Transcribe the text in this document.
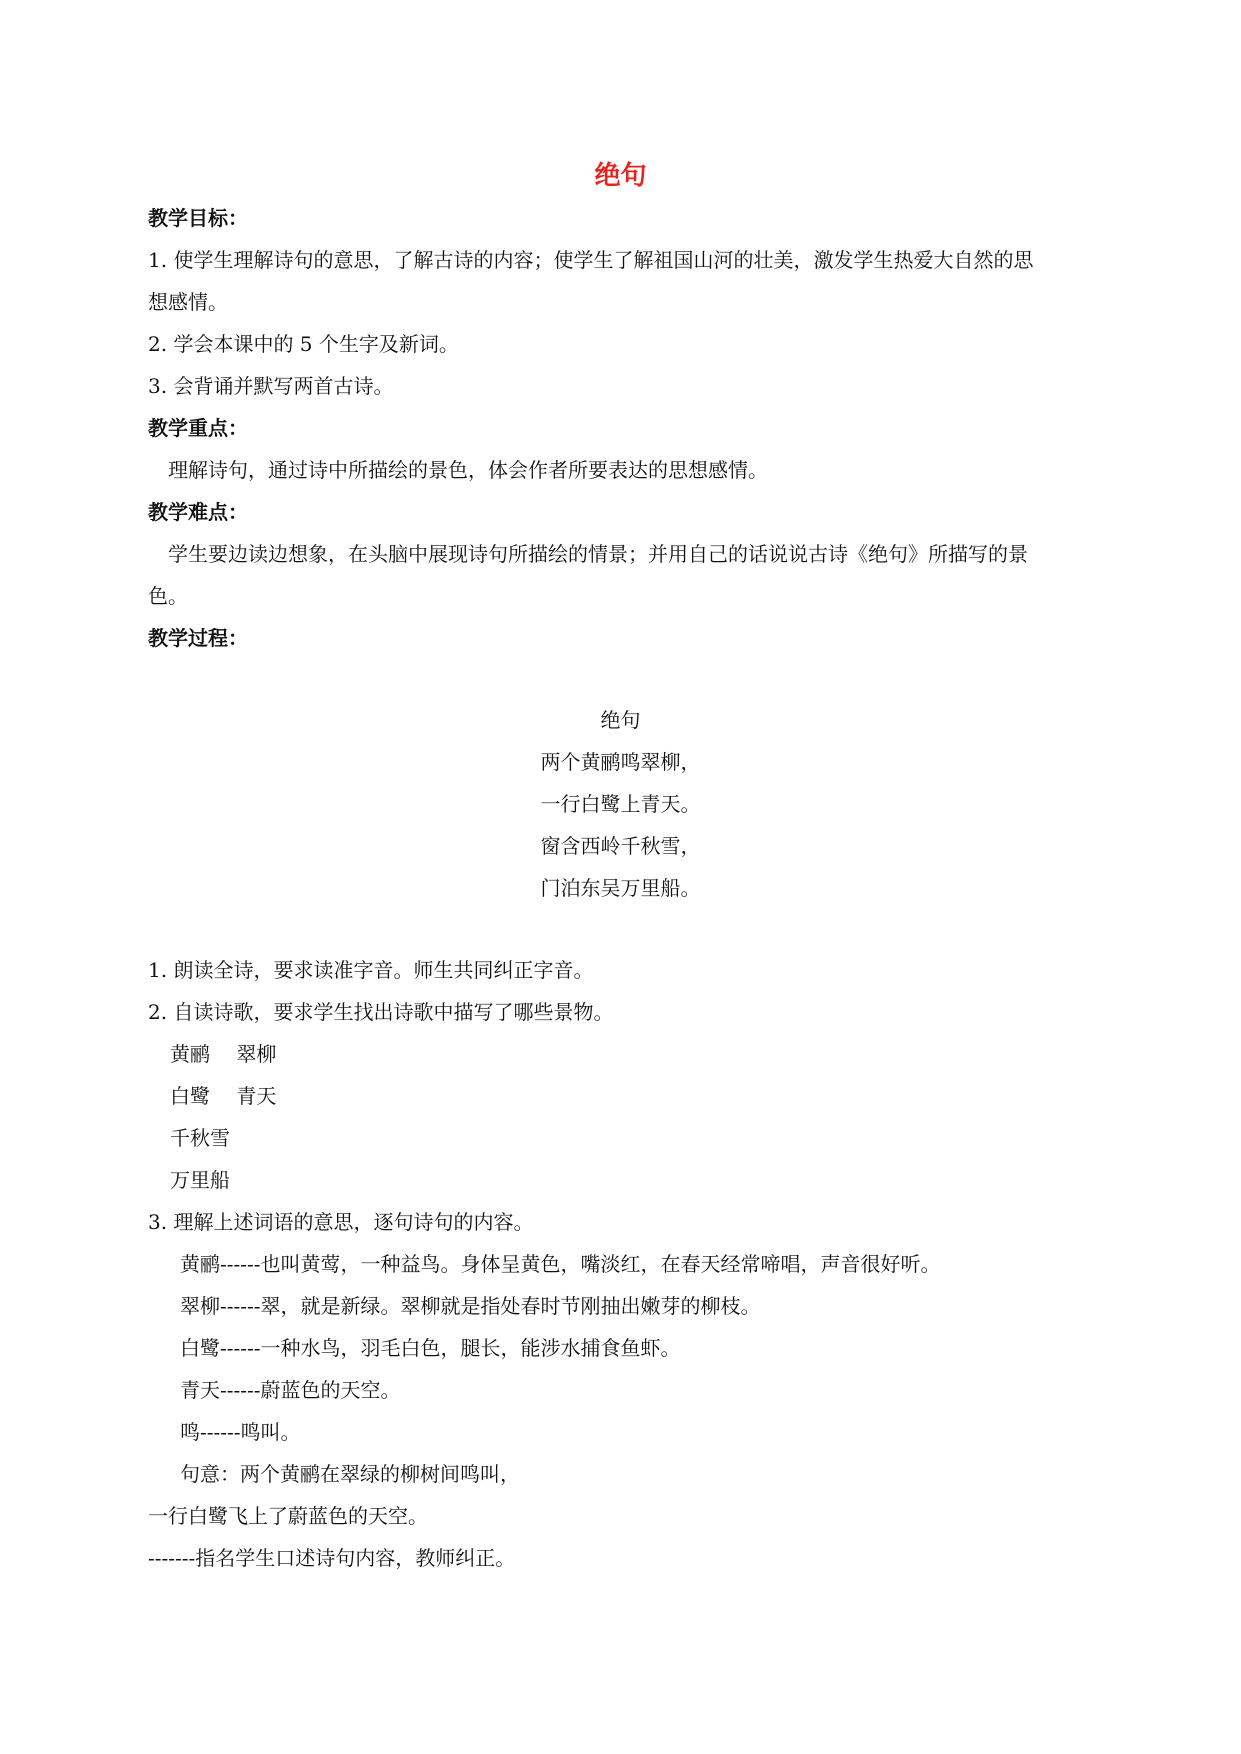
绝句
教学目标：
1. 使学生理解诗句的意思，了解古诗的内容；使学生了解祖国山河的壮美，激发学生热爱大自然的思
想感情。
2. 学会本课中的 5 个生字及新词。
3. 会背诵并默写两首古诗。
教学重点：
理解诗句，通过诗中所描绘的景色，体会作者所要表达的思想感情。
教学难点：
学生要边读边想象，在头脑中展现诗句所描绘的情景；并用自己的话说说古诗《绝句》所描写的景
色。
教学过程：
绝句
两个黄鹂鸣翠柳，
一行白鹭上青天。
窗含西岭千秋雪，
门泊东吴万里船。
1. 朗读全诗，要求读准字音。师生共同纠正字音。
2. 自读诗歌，要求学生找出诗歌中描写了哪些景物。
黄鹂　 翠柳
白鹭　 青天
千秋雪
万里船
3. 理解上述词语的意思，逐句诗句的内容。
黄鹂------也叫黄莺，一种益鸟。身体呈黄色，嘴淡红，在春天经常啼唱，声音很好听。
翠柳------翠，就是新绿。翠柳就是指处春时节刚抽出嫩芽的柳枝。
白鹭------一种水鸟，羽毛白色，腿长，能涉水捕食鱼虾。
青天------蔚蓝色的天空。
鸣------鸣叫。
句意：两个黄鹂在翠绿的柳树间鸣叫，
一行白鹭飞上了蔚蓝色的天空。
-------指名学生口述诗句内容，教师纠正。
